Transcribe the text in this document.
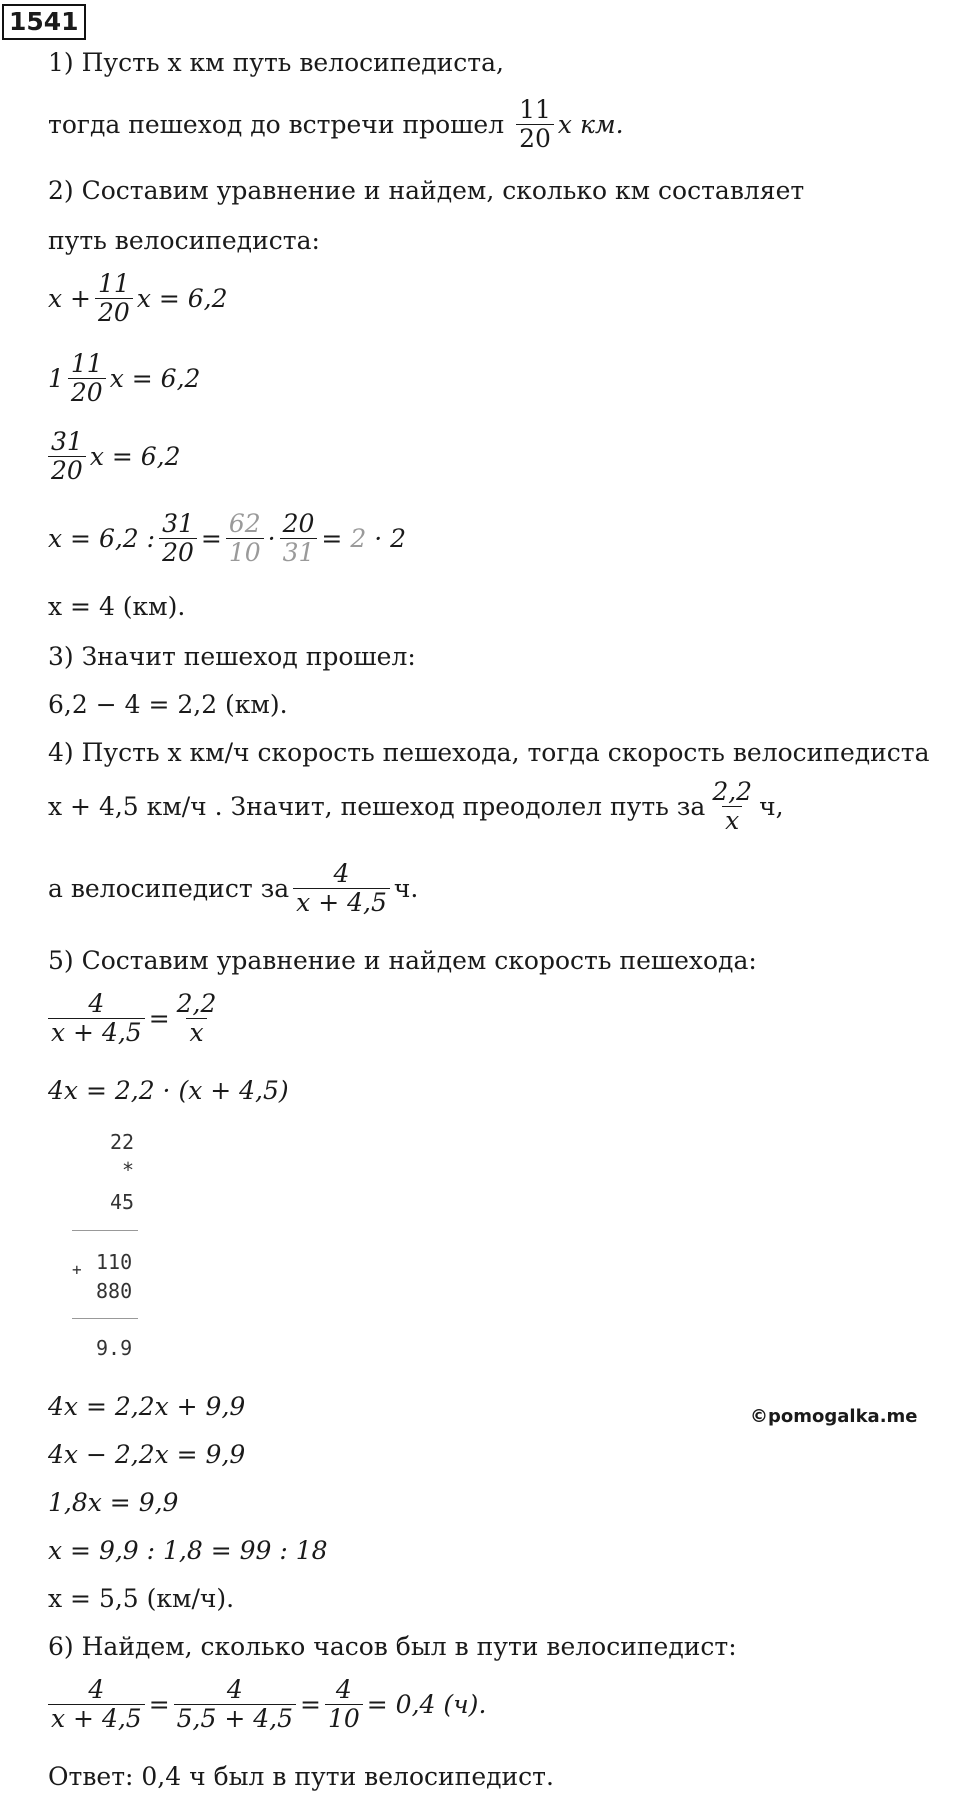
1541
1) Пусть x км путь велосипедиста,
тогда пешеход до встречи прошел $\frac{11}{20}$ x км.
2) Составим уравнение и найдем, сколько км составляет
путь велосипедиста:
$x + \frac{11}{20}$ x = 6,2
$1 \frac{11}{20}$ x = 6,2
$\frac{31}{20}$ x = 6,2
x = 6,2 : $\frac{31}{20} = \frac{62}{10} \cdot \frac{20}{31} = 2 \cdot 2$
x = 4 (км).
3) Значит пешеход прошел:
6,2 − 4 = 2,2 (км).
4) Пусть x км/ч скорость пешехода, тогда скорость велосипедиста
x + 4,5 км/ч . Значит, пешеход преодолел путь за $\frac{2,2}{x} ч$,
а велосипедист за $\frac{4}{x + 4,5} ч$.
5) Составим уравнение и найдем скорость пешехода:
$\frac{4}{x + 4,5} = \frac{2,2}{x}$
4x = 2,2 · (x + 4,5)
22
*
45
+ 110
880
9.9
4x = 2,2x + 9,9	©pomogalka.me
4x − 2,2x = 9,9
1,8x = 9,9
x = 9,9 : 1,8 = 99 : 18
x = 5,5 (км/ч).
6) Найдем, сколько часов был в пути велосипедист:
$\frac{4}{x + 4,5} = \frac{4}{5,5 + 4,5} = \frac{4}{10} = 0,4$ (ч).
Ответ: 0,4 ч был в пути велосипедист.
